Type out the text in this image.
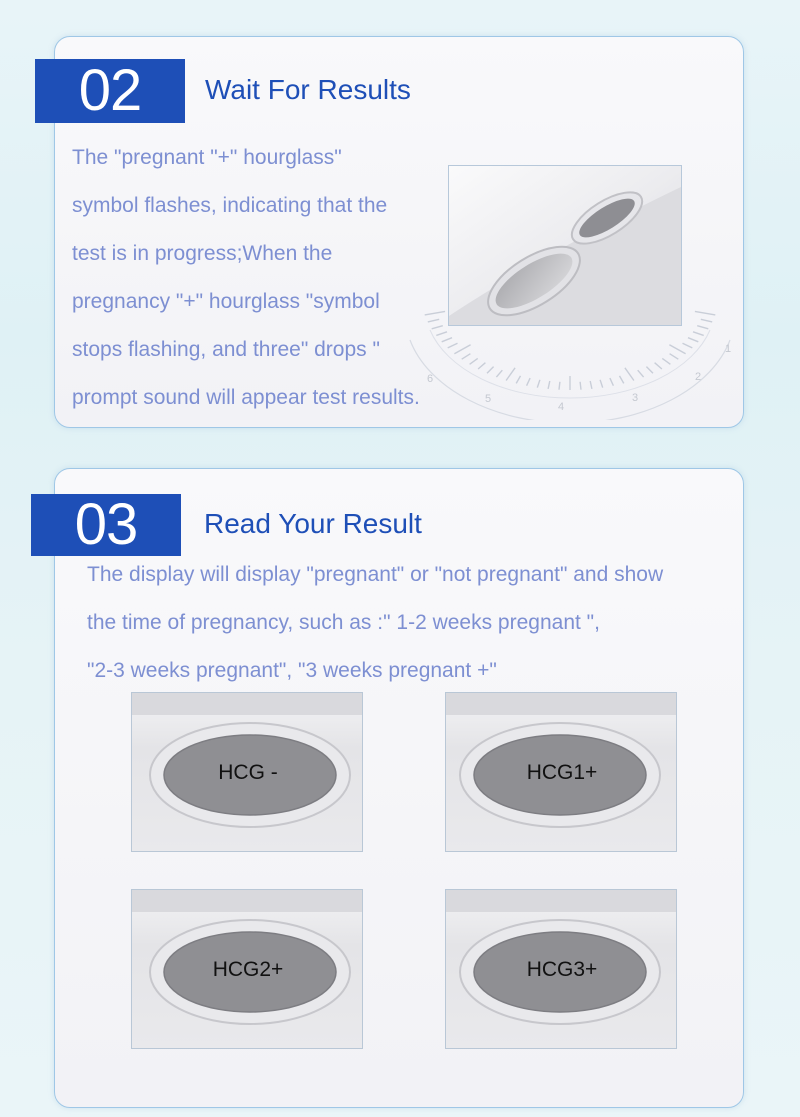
02	Wait For Results
The "pregnant "+" hourglass"
symbol flashes, indicating that the
test is in progress;When the
pregnancy "+" hourglass "symbol
stops flashing, and three" drops "
prompt sound will appear test results.
1
2
3
4
5
6
03	Read Your Result
The display will display "pregnant" or "not pregnant" and show
the time of pregnancy, such as :" 1-2 weeks pregnant ",
"2-3 weeks pregnant", "3 weeks pregnant +"
HCG -	HCG1+
HCG2+	HCG3+
